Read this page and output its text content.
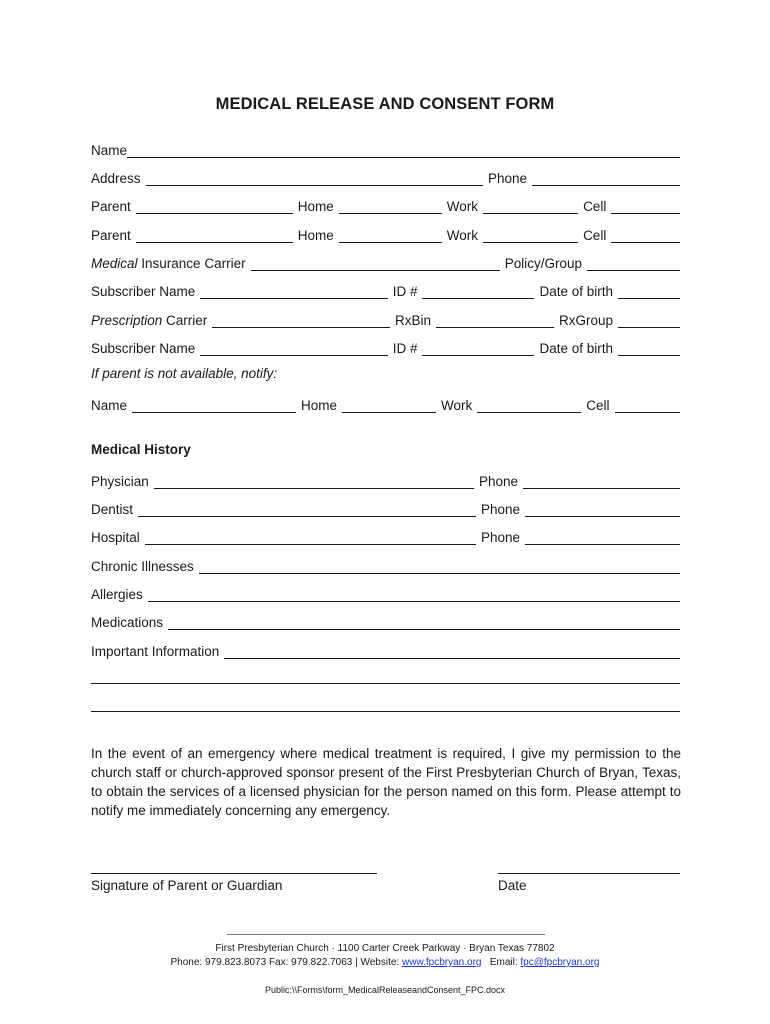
MEDICAL RELEASE AND CONSENT FORM
Name
Address	Phone
Parent	Home	Work	Cell
Parent	Home	Work	Cell
Medical Insurance Carrier	Policy/Group
Subscriber Name	ID #	Date of birth
Prescription Carrier	RxBin	RxGroup
Subscriber Name	ID #	Date of birth
If parent is not available, notify:
Name	Home	Work	Cell
Medical History
Physician	Phone
Dentist	Phone
Hospital	Phone
Chronic Illnesses
Allergies
Medications
Important Information
In the event of an emergency where medical treatment is required, I give my permission to the church staff or church-approved sponsor present of the First Presbyterian Church of Bryan, Texas, to obtain the services of a licensed physician for the person named on this form. Please attempt to notify me immediately concerning any emergency.
Signature of Parent or Guardian	Date
First Presbyterian Church · 1100 Carter Creek Parkway · Bryan Texas 77802
Phone: 979.823.8073 Fax: 979.822.7063 | Website: www.fpcbryan.org   Email: fpc@fpcbryan.org
Public:\\Forms\form_MedicalReleaseandConsent_FPC.docx
